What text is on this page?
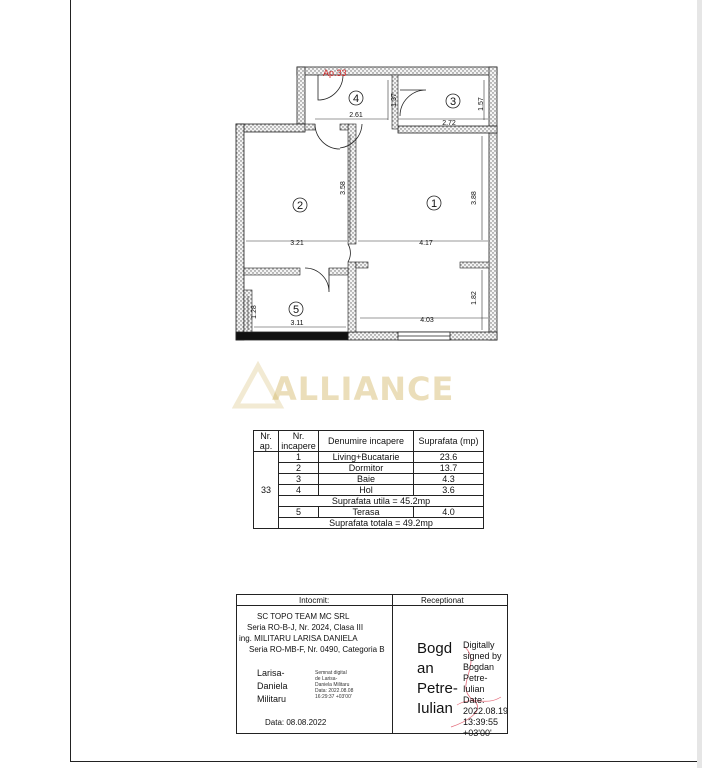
2.61
2.72
1.37	1.57
3.58
3.21	4.17
3.88
1.82
4.03
1.28
3.11
Ap.33
1
2
3
4
5
ALLIANCE
Nr. ap.	Nr. incapere	Denumire incapere	Suprafata (mp)
33	1	Living+Bucatarie	23.6
	2	Dormitor	13.7
	3	Baie	4.3
	4	Hol	3.6
	Suprafata utila = 45.2mp		
	5	Terasa	4.0
	Suprafata totala = 49.2mp		
Intocmit:	Receptionat
SC TOPO TEAM MC SRL
Seria RO-B-J, Nr. 2024, Clasa III
ing. MILITARU LARISA DANIELA
Seria RO-MB-F, Nr. 0490, Categoria B
Larisa-
Daniela
Militaru
Semnat digital
de Larisa-
Daniela Militaru
Data: 2022.08.08
16:29:37 +03'00'
Data: 08.08.2022
Bogd
an
Petre-
Iulian
Digitally
signed by
Bogdan
Petre-Iulian
Date:
2022.08.19
13:39:55
+03'00'
